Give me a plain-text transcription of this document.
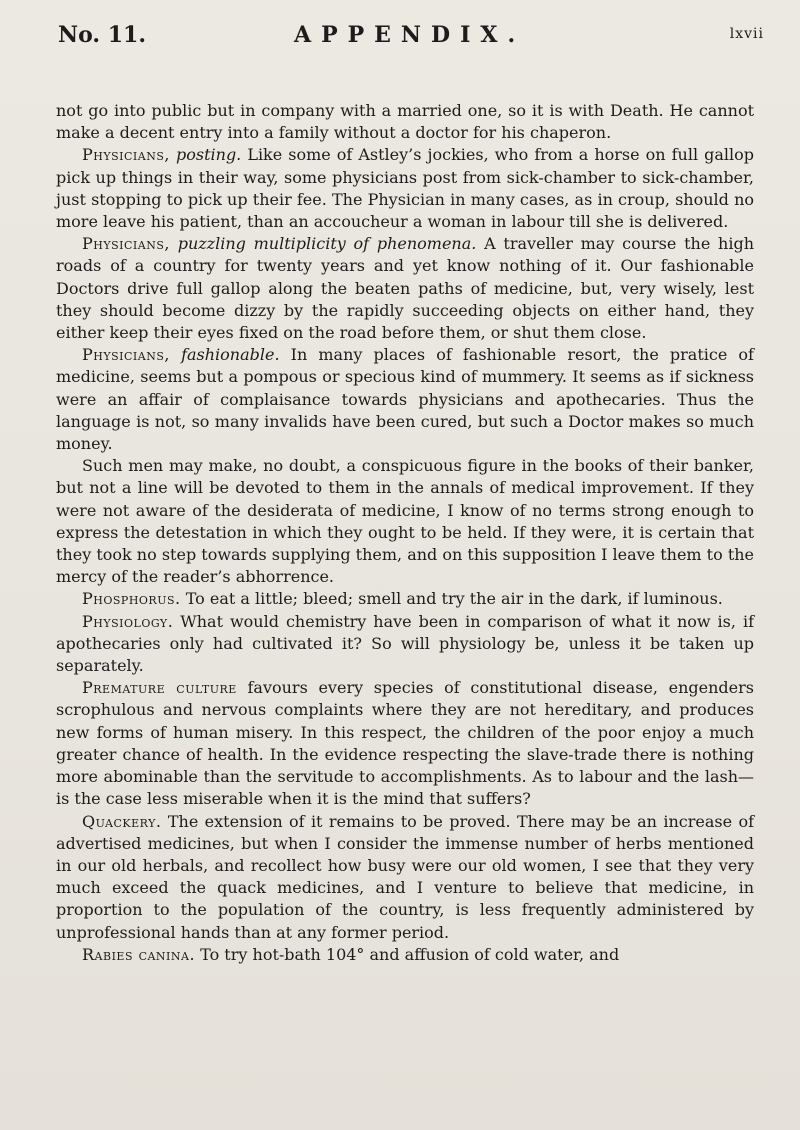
No. 11.	APPENDIX.	lxvii

not go into public but in company with a married one, so it is with Death. He cannot make a decent entry into a family without a doctor for his chaperon.

Physicians, posting. Like some of Astley’s jockies, who from a horse on full gallop pick up things in their way, some physicians post from sick-chamber to sick-chamber, just stopping to pick up their fee. The Physician in many cases, as in croup, should no more leave his patient, than an accoucheur a woman in labour till she is delivered.

Physicians, puzzling multiplicity of phenomena. A traveller may course the high roads of a country for twenty years and yet know nothing of it. Our fashionable Doctors drive full gallop along the beaten paths of medicine, but, very wisely, lest they should become dizzy by the rapidly succeeding objects on either hand, they either keep their eyes fixed on the road before them, or shut them close.

Physicians, fashionable. In many places of fashionable resort, the pratice of medicine, seems but a pompous or specious kind of mummery. It seems as if sickness were an affair of complaisance towards physicians and apothecaries. Thus the language is not, so many invalids have been cured, but such a Doctor makes so much money.

Such men may make, no doubt, a conspicuous figure in the books of their banker, but not a line will be devoted to them in the annals of medical improvement. If they were not aware of the desiderata of medicine, I know of no terms strong enough to express the detestation in which they ought to be held. If they were, it is certain that they took no step towards supplying them, and on this supposition I leave them to the mercy of the reader’s abhorrence.

Phosphorus. To eat a little; bleed; smell and try the air in the dark, if luminous.

Physiology. What would chemistry have been in comparison of what it now is, if apothecaries only had cultivated it? So will physiology be, unless it be taken up separately.

Premature culture favours every species of constitutional disease, engenders scrophulous and nervous complaints where they are not hereditary, and produces new forms of human misery. In this respect, the children of the poor enjoy a much greater chance of health. In the evidence respecting the slave-trade there is nothing more abominable than the servitude to accomplishments. As to labour and the lash—is the case less miserable when it is the mind that suffers?

Quackery. The extension of it remains to be proved. There may be an increase of advertised medicines, but when I consider the immense number of herbs mentioned in our old herbals, and recollect how busy were our old women, I see that they very much exceed the quack medicines, and I venture to believe that medicine, in proportion to the population of the country, is less frequently administered by unprofessional hands than at any former period.

Rabies canina. To try hot-bath 104° and affusion of cold water, and
